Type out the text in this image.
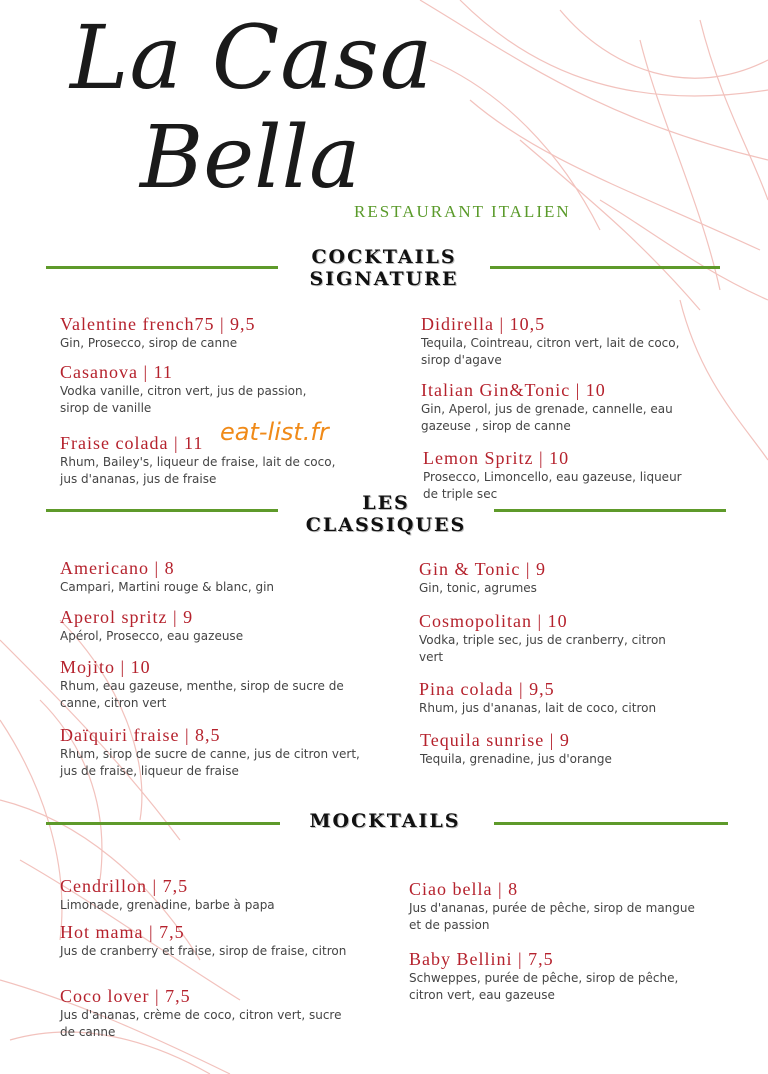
La Casa
Bella
RESTAURANT ITALIEN
COCKTAILS
SIGNATURE
Valentine french75 | 9,5
Gin, Prosecco, sirop de canne
Casanova | 11
Vodka vanille, citron vert, jus de passion, sirop de vanille
Fraise colada | 11
Rhum, Bailey's, liqueur de fraise, lait de coco, jus d'ananas, jus de fraise
Didirella | 10,5
Tequila, Cointreau, citron vert, lait de coco, sirop d'agave
Italian Gin&Tonic | 10
Gin, Aperol, jus de grenade, cannelle, eau gazeuse , sirop de canne
Lemon Spritz | 10
Prosecco, Limoncello, eau gazeuse, liqueur de triple sec
eat-list.fr
LES
CLASSIQUES
Americano | 8
Campari, Martini rouge & blanc, gin
Aperol spritz | 9
Apérol, Prosecco, eau gazeuse
Mojito | 10
Rhum, eau gazeuse, menthe, sirop de sucre de canne, citron vert
Daïquiri fraise | 8,5
Rhum, sirop de sucre de canne, jus de citron vert, jus de fraise, liqueur de fraise
Gin & Tonic | 9
Gin, tonic, agrumes
Cosmopolitan | 10
Vodka, triple sec, jus de cranberry, citron vert
Pina colada | 9,5
Rhum, jus d'ananas, lait de coco, citron
Tequila sunrise | 9
Tequila, grenadine, jus d'orange
MOCKTAILS
Cendrillon | 7,5
Limonade, grenadine, barbe à papa
Hot mama | 7,5
Jus de cranberry et fraise, sirop de fraise, citron
Coco lover | 7,5
Jus d'ananas, crème de coco, citron vert, sucre de canne
Ciao bella | 8
Jus d'ananas, purée de pêche, sirop de mangue et de passion
Baby Bellini | 7,5
Schweppes, purée de pêche, sirop de pêche, citron vert, eau gazeuse
